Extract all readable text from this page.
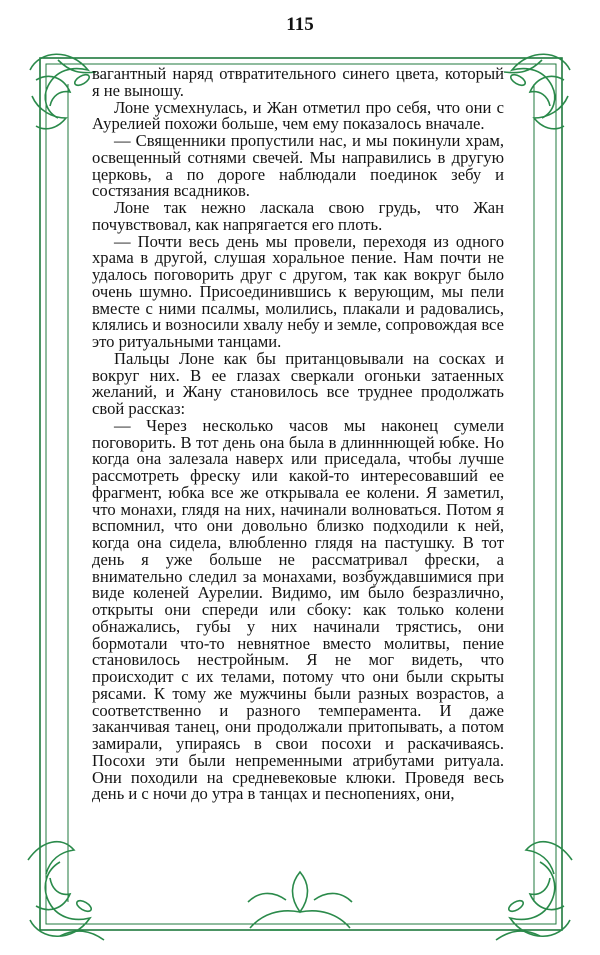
115

вагантный наряд отвратительного синего цвета, который я не выношу.

Лоне усмехнулась, и Жан отметил про себя, что они с Аурелией похожи больше, чем ему показалось вначале.

— Священники пропустили нас, и мы покинули храм, освещенный сотнями свечей. Мы направились в другую церковь, а по дороге наблюдали поединок зебу и состязания всадников.

Лоне так нежно ласкала свою грудь, что Жан почувствовал, как напрягается его плоть.

— Почти весь день мы провели, переходя из одного храма в другой, слушая хоральное пение. Нам почти не удалось поговорить друг с другом, так как вокруг было очень шумно. Присоединившись к верующим, мы пели вместе с ними псалмы, молились, плакали и радовались, клялись и возносили хвалу небу и земле, сопровождая все это ритуальными танцами.

Пальцы Лоне как бы пританцовывали на сосках и вокруг них. В ее глазах сверкали огоньки затаенных желаний, и Жану становилось все труднее продолжать свой рассказ:

— Через несколько часов мы наконец сумели поговорить. В тот день она была в длинннющей юбке. Но когда она залезала наверх или приседала, чтобы лучше рассмотреть фреску или какой-то интересовавший ее фрагмент, юбка все же открывала ее колени. Я заметил, что монахи, глядя на них, начинали волноваться. Потом я вспомнил, что они довольно близко подходили к ней, когда она сидела, влюбленно глядя на пастушку. В тот день я уже больше не рассматривал фрески, а внимательно следил за монахами, возбуждавшимися при виде коленей Аурелии. Видимо, им было безразлично, открыты они спереди или сбоку: как только колени обнажались, губы у них начинали трястись, они бормотали что-то невнятное вместо молитвы, пение становилось нестройным. Я не мог видеть, что происходит с их телами, потому что они были скрыты рясами. К тому же мужчины были разных возрастов, а соответственно и разного темперамента. И даже заканчивая танец, они продолжали притопывать, а потом замирали, упираясь в свои посохи и раскачиваясь. Посохи эти были непременными атрибутами ритуала. Они походили на средневековые клюки. Проведя весь день и с ночи до утра в танцах и песнопениях, они,
